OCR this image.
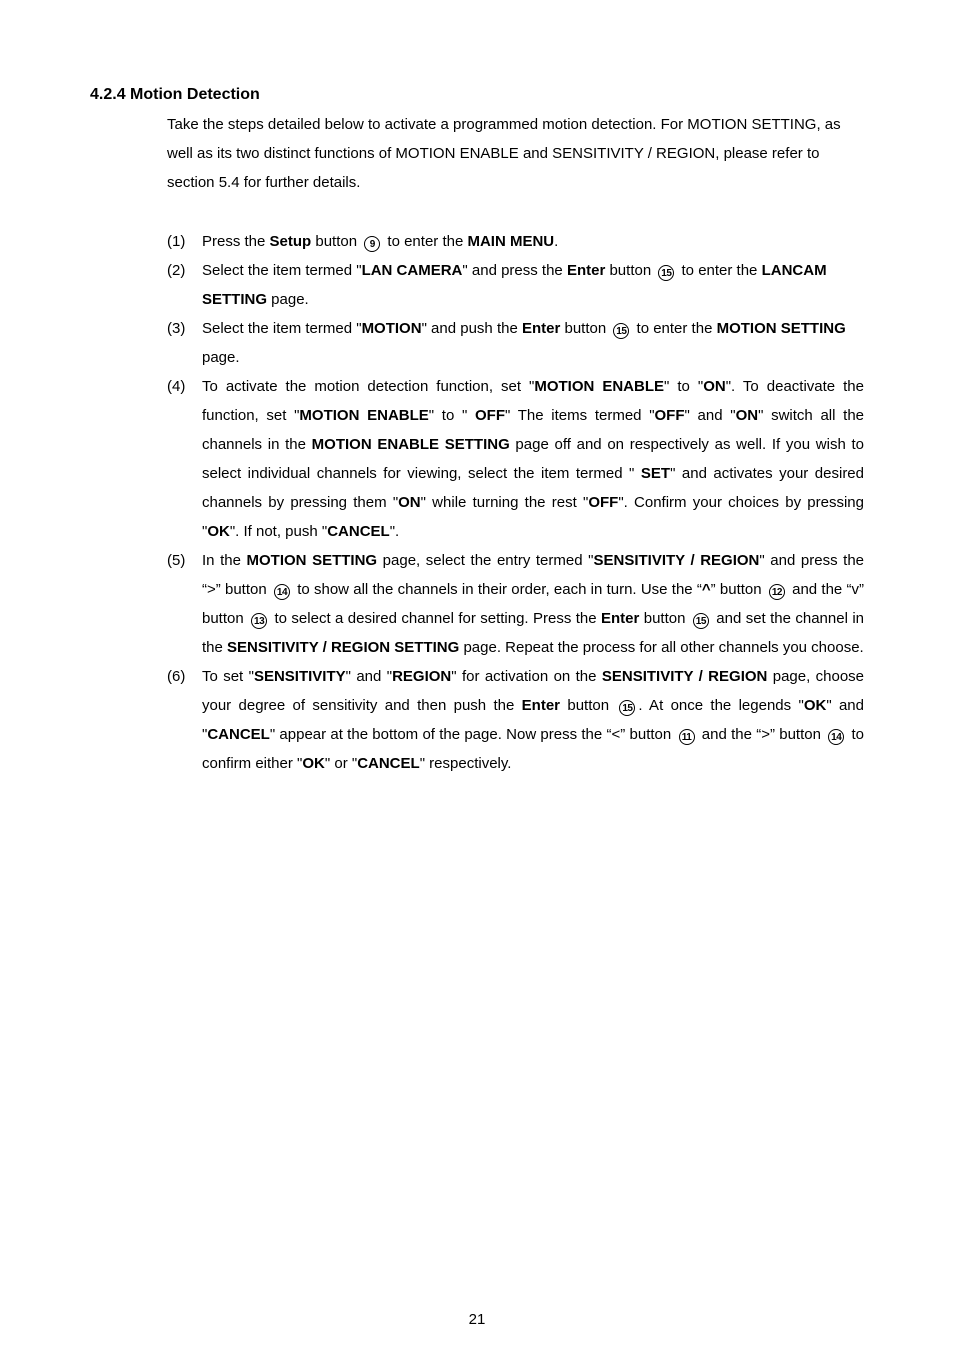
4.2.4 Motion Detection

Take the steps detailed below to activate a programmed motion detection. For MOTION SETTING, as well as its two distinct functions of MOTION ENABLE and SENSITIVITY / REGION, please refer to section 5.4 for further details.

(1)	Press the Setup button 9 to enter the MAIN MENU.
(2)	Select the item termed "LAN CAMERA" and press the Enter button 15 to enter the LANCAM SETTING page.
(3)	Select the item termed "MOTION" and push the Enter button 15 to enter the MOTION SETTING page.
(4)	To activate the motion detection function, set "MOTION ENABLE" to "ON". To deactivate the function, set "MOTION ENABLE" to " OFF" The items termed "OFF" and "ON" switch all the channels in the MOTION ENABLE SETTING page off and on respectively as well. If you wish to select individual channels for viewing, select the item termed " SET" and activates your desired channels by pressing them "ON" while turning the rest "OFF". Confirm your choices by pressing "OK". If not, push "CANCEL".
(5)	In the MOTION SETTING page, select the entry termed "SENSITIVITY / REGION" and press the “>” button 14 to show all the channels in their order, each in turn. Use the “^” button 12 and the “v” button 13 to select a desired channel for setting. Press the Enter button 15 and set the channel in the SENSITIVITY / REGION SETTING page. Repeat the process for all other channels you choose.
(6)	To set "SENSITIVITY" and "REGION" for activation on the SENSITIVITY / REGION page, choose your degree of sensitivity and then push the Enter button 15 . At once the legends "OK" and "CANCEL" appear at the bottom of the page. Now press the “<” button 11 and the “>” button 14 to confirm either "OK" or "CANCEL" respectively.
21
